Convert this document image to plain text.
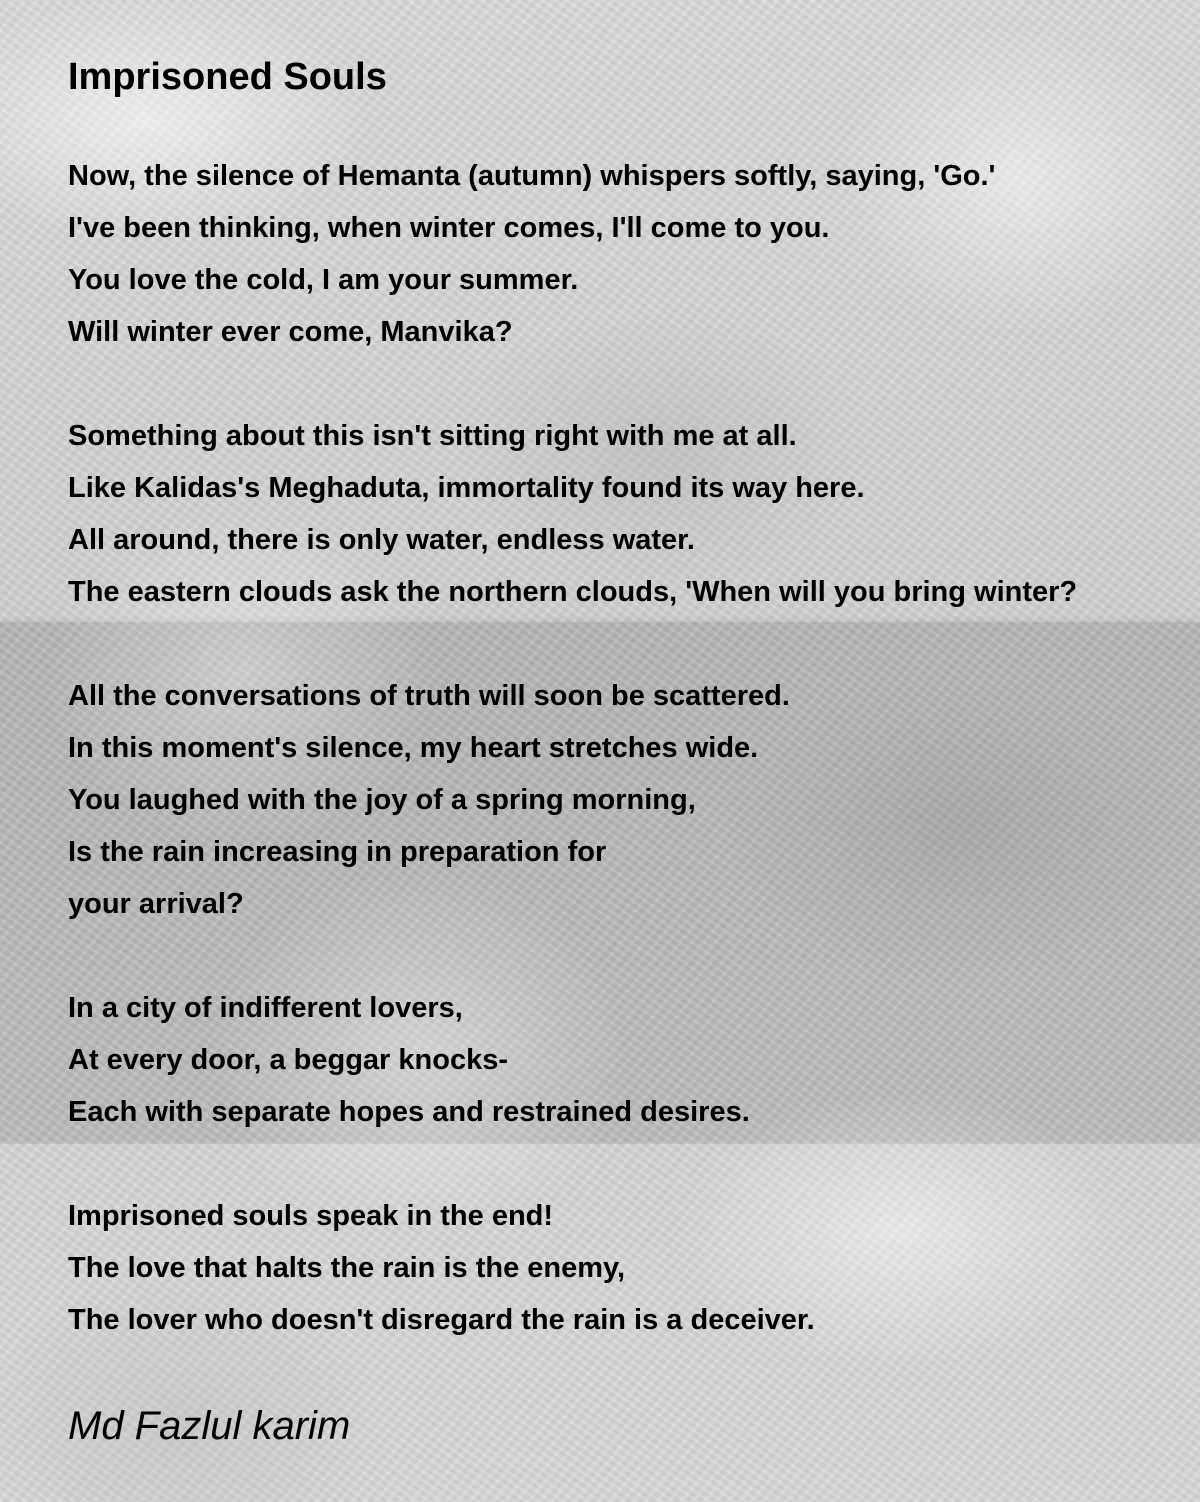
Imprisoned Souls
Now, the silence of Hemanta (autumn) whispers softly, saying, 'Go.'
I've been thinking, when winter comes, I'll come to you.
You love the cold, I am your summer.
Will winter ever come, Manvika?
Something about this isn't sitting right with me at all.
Like Kalidas's Meghaduta, immortality found its way here.
All around, there is only water, endless water.
The eastern clouds ask the northern clouds, 'When will you bring winter?
All the conversations of truth will soon be scattered.
In this moment's silence, my heart stretches wide.
You laughed with the joy of a spring morning,
Is the rain increasing in preparation for
your arrival?
In a city of indifferent lovers,
At every door, a beggar knocks-
Each with separate hopes and restrained desires.
Imprisoned souls speak in the end!
The love that halts the rain is the enemy,
The lover who doesn't disregard the rain is a deceiver.
Md Fazlul karim
